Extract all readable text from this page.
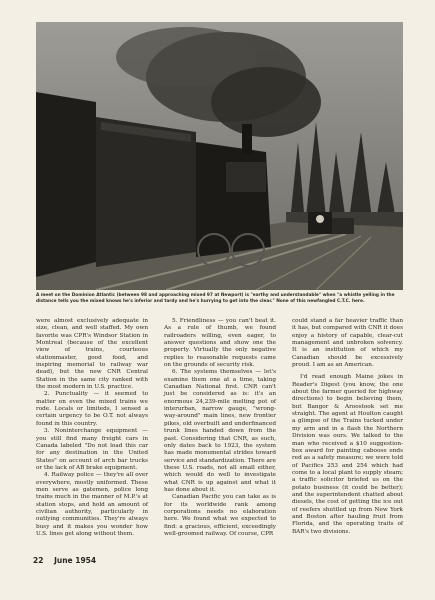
A meet on the Dominion Atlantic (between 98 and approaching mixed 97 at Newport) is "earthy and understandable" when "a whistle yelling in the distance tells you the mixed knows he's inferior and tardy and he's hurrying to get into the clear." None of this newfangled C.T.C. here.

were almost exclusively adequate in size, clean, and well staffed. My own favorite was CPR's Windsor Station in Montreal (because of the excellent view of trains, courteous stationmaster, good food, and inspiring memorial to railway war dead), but the new CNR Central Station in the same city ranked with the most modern in U.S. practice.

2. Punctuality — it seemed to matter on even the mixed trains we rode. Locals or limiteds, I sensed a certain urgency to be O.T. not always found in this country.

3. Noninterchange equipment — you still find many freight cars in Canada labeled "Do not load this car for any destination in the United States" on account of arch bar trucks or the lack of AB brake equipment.

4. Railway police — they're all over everywhere, mostly uniformed. These men serve as gatemen, police long trains much in the manner of M.P.'s at station stops, and hold an amount of civilian authority, particularly in outlying communities. They're always busy and it makes you wonder how U.S. lines get along without them.

5. Friendliness — you can't beat it. As a rule of thumb, we found railroaders willing, even eager, to answer questions and show one the property. Virtually the only negative replies to reasonable requests came on the grounds of security risk.

6. The systems themselves — let's examine them one at a time, taking Canadian National first. CNR can't just be considered as is: it's an enormous 24,239-mile melting pot of interurban, narrow gauge, "wrong-way-around" main lines, new frontier pikes, old overbuilt and underfinanced trunk lines handed down from the past. Considering that CNR, as such, only dates back to 1923, the system has made monumental strides toward service and standardization. There are these U.S. roads, not all small either, which would do well to investigate what CNR is up against and what it has done about it.

Canadian Pacific you can take as is for its worldwide rank among corporations needs no elaboration here. We found what we expected to find: a gracious, efficient, exceedingly well-groomed railway. Of course, CPR

could stand a far heavier traffic than it has, but compared with CNR it does enjoy a history of capable, clear-cut management and unbroken solvency. It is an institution of which my Canadian should be excessively proud. I am as an American.

I'd read enough Maine jokes in Reader's Digest (you know, the one about the farmer queried for highway directions) to begin believing them, but Bangor & Aroostook set me straight. The agent at Houlton caught a glimpse of the Trains tucked under my arm and in a flash the Northern Division was ours. We talked to the man who received a $10 suggestion-box award for painting caboose ends red as a safety measure; we were told of Pacifics 253 and 254 which had come to a local plant to supply steam; a traffic solicitor briefed us on the potato business (it could be better); and the superintendent chatted about diesels, the cost of getting the ice out of reefers shuttled up from New York and Boston after hauling fruit from Florida, and the operating traits of BAR's two divisions.

22 June 1954
